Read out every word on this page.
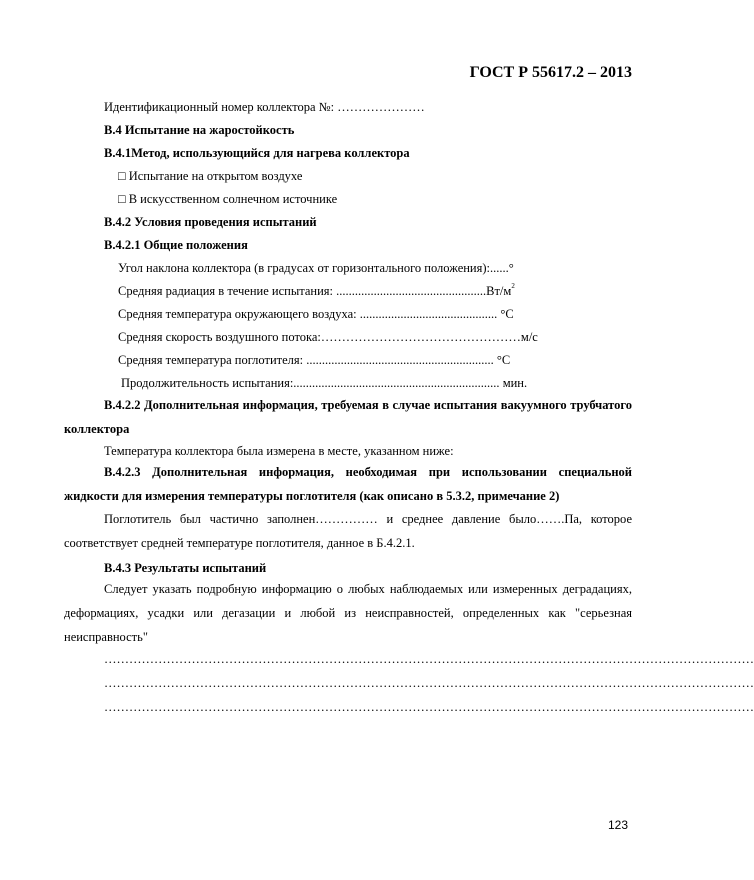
ГОСТ Р 55617.2 – 2013
Идентификационный номер коллектора №: …………………
В.4 Испытание на жаростойкость
В.4.1Метод, использующийся для нагрева коллектора
□ Испытание на открытом воздухе
□ В искусственном солнечном источнике
В.4.2 Условия проведения испытаний
В.4.2.1 Общие положения
Угол наклона коллектора (в градусах от горизонтального положения):......°
Средняя радиация в течение испытания: $................................................Вт/м^2$
Средняя температура окружающего воздуха: ............................................ °С
Средняя скорость воздушного потока:…………………………………………м/с
Средняя температура поглотителя: ............................................................ °С
Продолжительность испытания:.................................................................. мин.
В.4.2.2 Дополнительная информация, требуемая в случае испытания вакуумного трубчатого коллектора
Температура коллектора была измерена в месте, указанном ниже:
В.4.2.3 Дополнительная информация, необходимая при использовании специальной жидкости для измерения температуры поглотителя (как описано в 5.3.2, примечание 2)
Поглотитель был частично заполнен…………… и среднее давление было…….Па, которое соответствует средней температуре поглотителя, данное в Б.4.2.1.
В.4.3 Результаты испытаний
Следует указать подробную информацию о любых наблюдаемых или измеренных деградациях, деформациях, усадки или дегазации и любой из неисправностей, определенных как "серьезная неисправность"
…………………………………………………………………………………………………………………………………………
…………………………………………………………………………………………………………………………………………
…………………………………………………………………………………………………………………………………………
123
